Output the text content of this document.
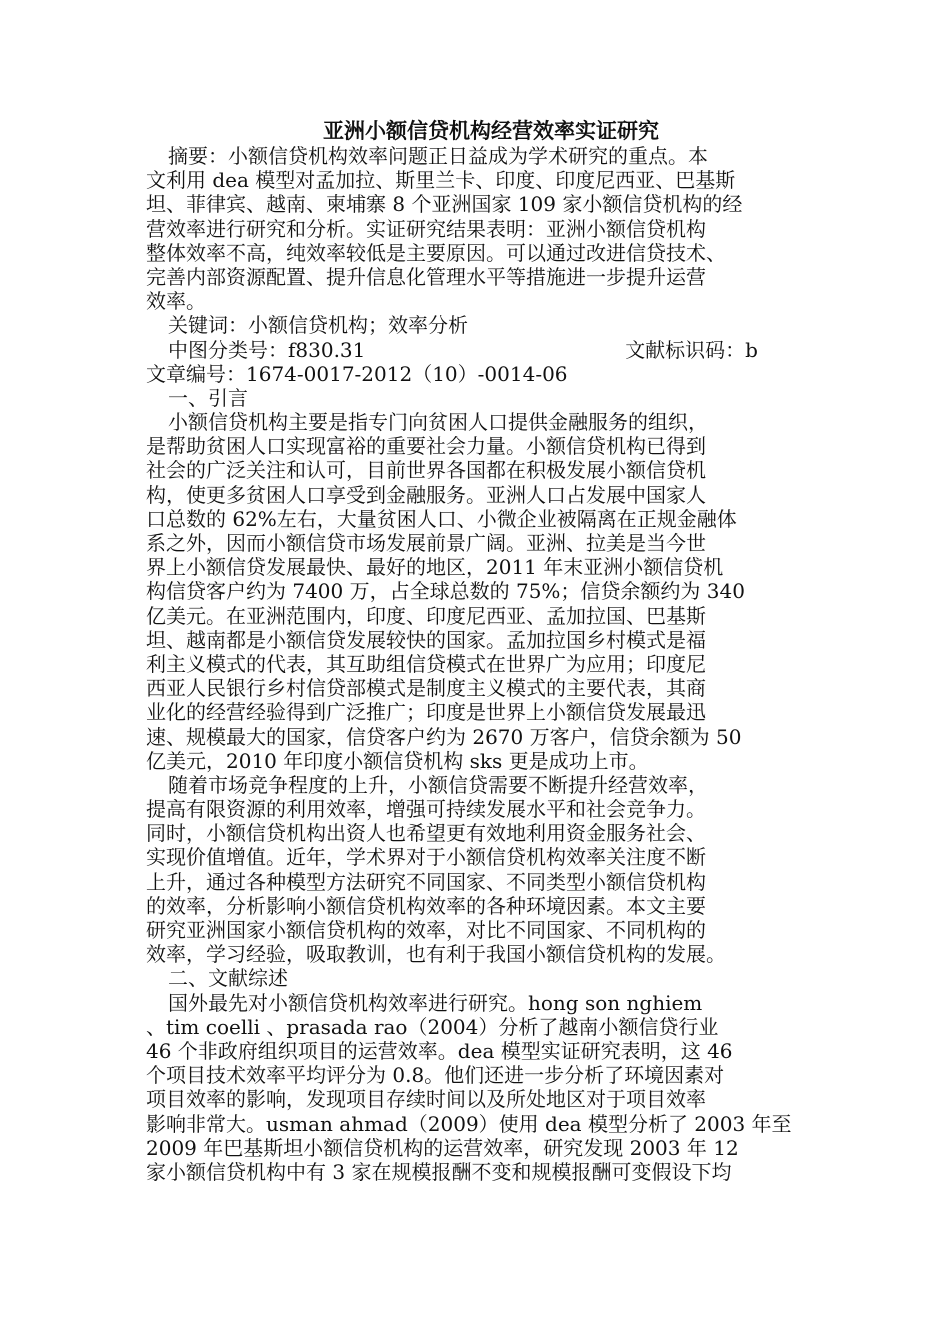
亚洲小额信贷机构经营效率实证研究
摘要：小额信贷机构效率问题正日益成为学术研究的重点。本
文利用 dea 模型对孟加拉、斯里兰卡、印度、印度尼西亚、巴基斯
坦、菲律宾、越南、柬埔寨 8 个亚洲国家 109 家小额信贷机构的经
营效率进行研究和分析。实证研究结果表明：亚洲小额信贷机构
整体效率不高，纯效率较低是主要原因。可以通过改进信贷技术、
完善内部资源配置、提升信息化管理水平等措施进一步提升运营
效率。
关键词：小额信贷机构；效率分析
中图分类号：f830.31	文献标识码：b
文章编号：1674-0017-2012（10）-0014-06
一、引言
小额信贷机构主要是指专门向贫困人口提供金融服务的组织，
是帮助贫困人口实现富裕的重要社会力量。小额信贷机构已得到
社会的广泛关注和认可，目前世界各国都在积极发展小额信贷机
构，使更多贫困人口享受到金融服务。亚洲人口占发展中国家人
口总数的 62%左右，大量贫困人口、小微企业被隔离在正规金融体
系之外，因而小额信贷市场发展前景广阔。亚洲、拉美是当今世
界上小额信贷发展最快、最好的地区，2011 年末亚洲小额信贷机
构信贷客户约为 7400 万，占全球总数的 75%；信贷余额约为 340
亿美元。在亚洲范围内，印度、印度尼西亚、孟加拉国、巴基斯
坦、越南都是小额信贷发展较快的国家。孟加拉国乡村模式是福
利主义模式的代表，其互助组信贷模式在世界广为应用；印度尼
西亚人民银行乡村信贷部模式是制度主义模式的主要代表，其商
业化的经营经验得到广泛推广；印度是世界上小额信贷发展最迅
速、规模最大的国家，信贷客户约为 2670 万客户，信贷余额为 50
亿美元，2010 年印度小额信贷机构 sks 更是成功上市。
随着市场竞争程度的上升，小额信贷需要不断提升经营效率，
提高有限资源的利用效率，增强可持续发展水平和社会竞争力。
同时，小额信贷机构出资人也希望更有效地利用资金服务社会、
实现价值增值。近年，学术界对于小额信贷机构效率关注度不断
上升，通过各种模型方法研究不同国家、不同类型小额信贷机构
的效率，分析影响小额信贷机构效率的各种环境因素。本文主要
研究亚洲国家小额信贷机构的效率，对比不同国家、不同机构的
效率，学习经验，吸取教训，也有利于我国小额信贷机构的发展。
二、文献综述
国外最先对小额信贷机构效率进行研究。hong son nghiem
、tim coelli 、prasada rao（2004）分析了越南小额信贷行业
46 个非政府组织项目的运营效率。dea 模型实证研究表明，这 46
个项目技术效率平均评分为 0.8。他们还进一步分析了环境因素对
项目效率的影响，发现项目存续时间以及所处地区对于项目效率
影响非常大。usman ahmad（2009）使用 dea 模型分析了 2003 年至
2009 年巴基斯坦小额信贷机构的运营效率，研究发现 2003 年 12
家小额信贷机构中有 3 家在规模报酬不变和规模报酬可变假设下均
